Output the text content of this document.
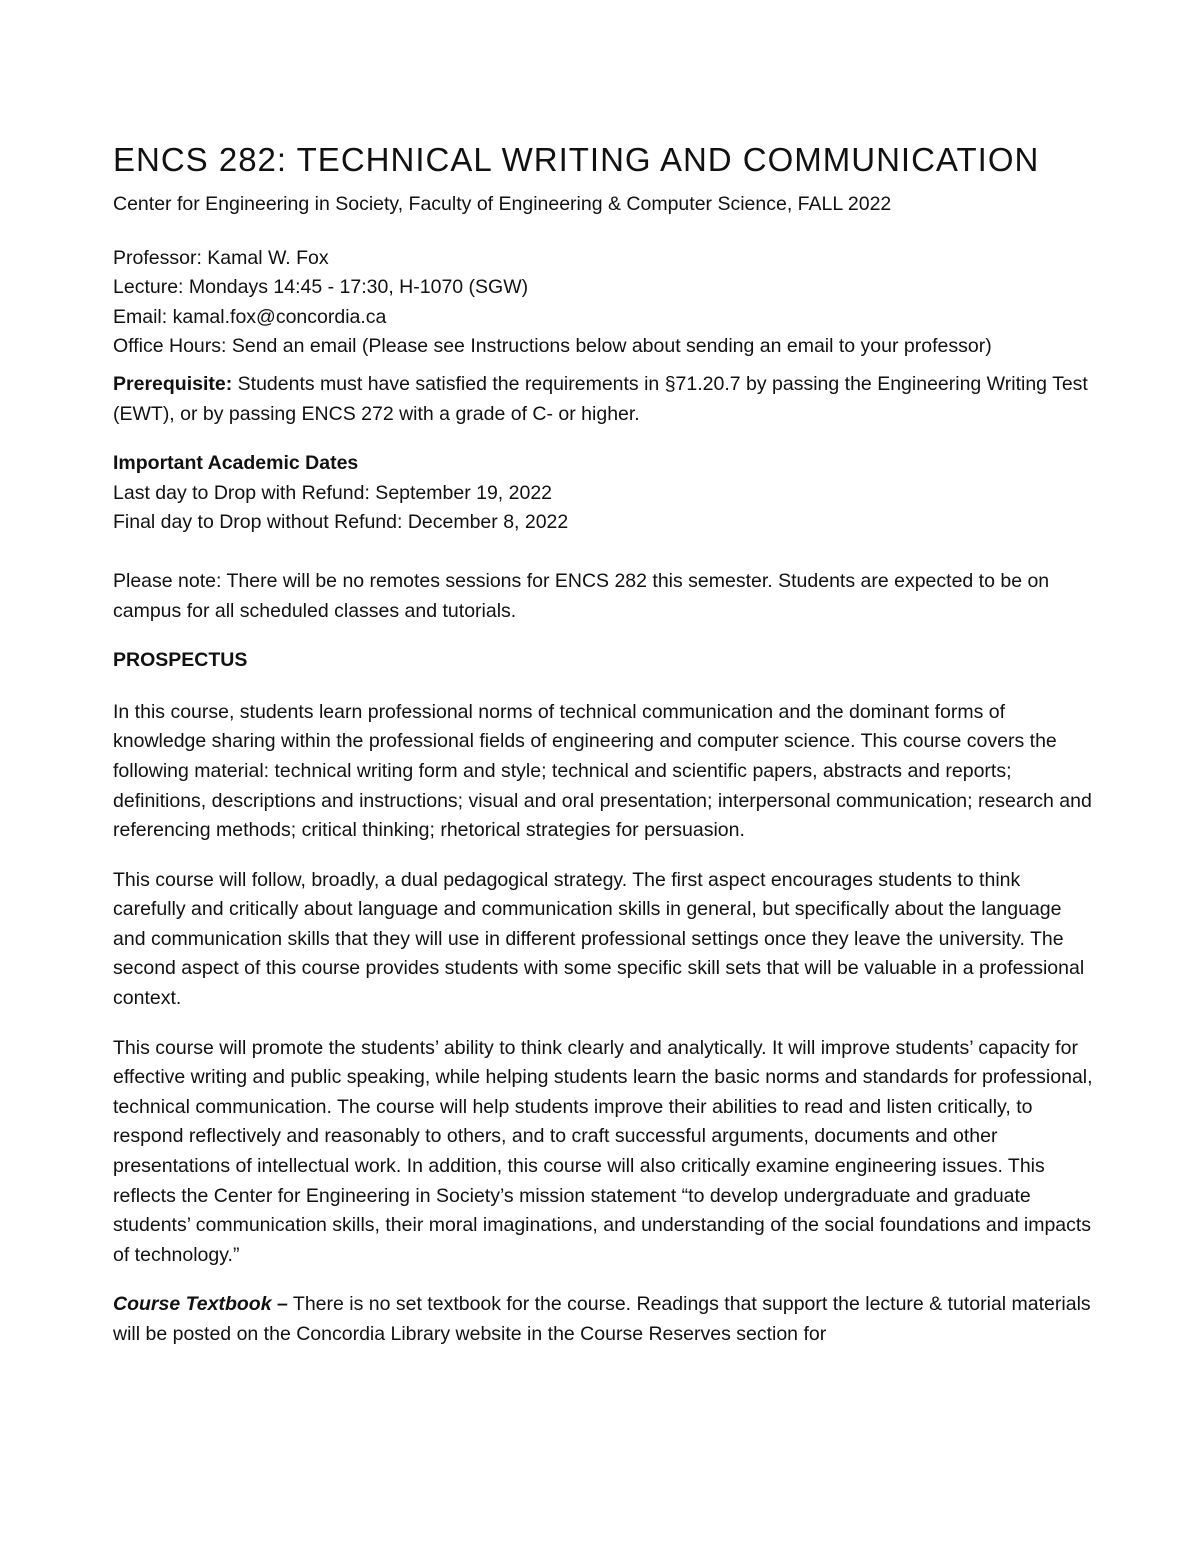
ENCS 282: TECHNICAL WRITING AND COMMUNICATION

Center for Engineering in Society, Faculty of Engineering & Computer Science, FALL 2022

Professor: Kamal W. Fox

Lecture: Mondays 14:45 - 17:30, H-1070 (SGW)

Email: kamal.fox@concordia.ca

Office Hours: Send an email (Please see Instructions below about sending an email to your professor)

Prerequisite: Students must have satisfied the requirements in §71.20.7 by passing the Engineering Writing Test (EWT), or by passing ENCS 272 with a grade of C- or higher.

Important Academic Dates

Last day to Drop with Refund: September 19, 2022

Final day to Drop without Refund: December 8, 2022

Please note: There will be no remotes sessions for ENCS 282 this semester. Students are expected to be on campus for all scheduled classes and tutorials.

PROSPECTUS

In this course, students learn professional norms of technical communication and the dominant forms of knowledge sharing within the professional fields of engineering and computer science. This course covers the following material: technical writing form and style; technical and scientific papers, abstracts and reports; definitions, descriptions and instructions; visual and oral presentation; interpersonal communication; research and referencing methods; critical thinking; rhetorical strategies for persuasion.

This course will follow, broadly, a dual pedagogical strategy. The first aspect encourages students to think carefully and critically about language and communication skills in general, but specifically about the language and communication skills that they will use in different professional settings once they leave the university. The second aspect of this course provides students with some specific skill sets that will be valuable in a professional context.

This course will promote the students’ ability to think clearly and analytically. It will improve students’ capacity for effective writing and public speaking, while helping students learn the basic norms and standards for professional, technical communication. The course will help students improve their abilities to read and listen critically, to respond reflectively and reasonably to others, and to craft successful arguments, documents and other presentations of intellectual work. In addition, this course will also critically examine engineering issues. This reflects the Center for Engineering in Society’s mission statement “to develop undergraduate and graduate students’ communication skills, their moral imaginations, and understanding of the social foundations and impacts of technology.”

Course Textbook – There is no set textbook for the course. Readings that support the lecture & tutorial materials will be posted on the Concordia Library website in the Course Reserves section for
